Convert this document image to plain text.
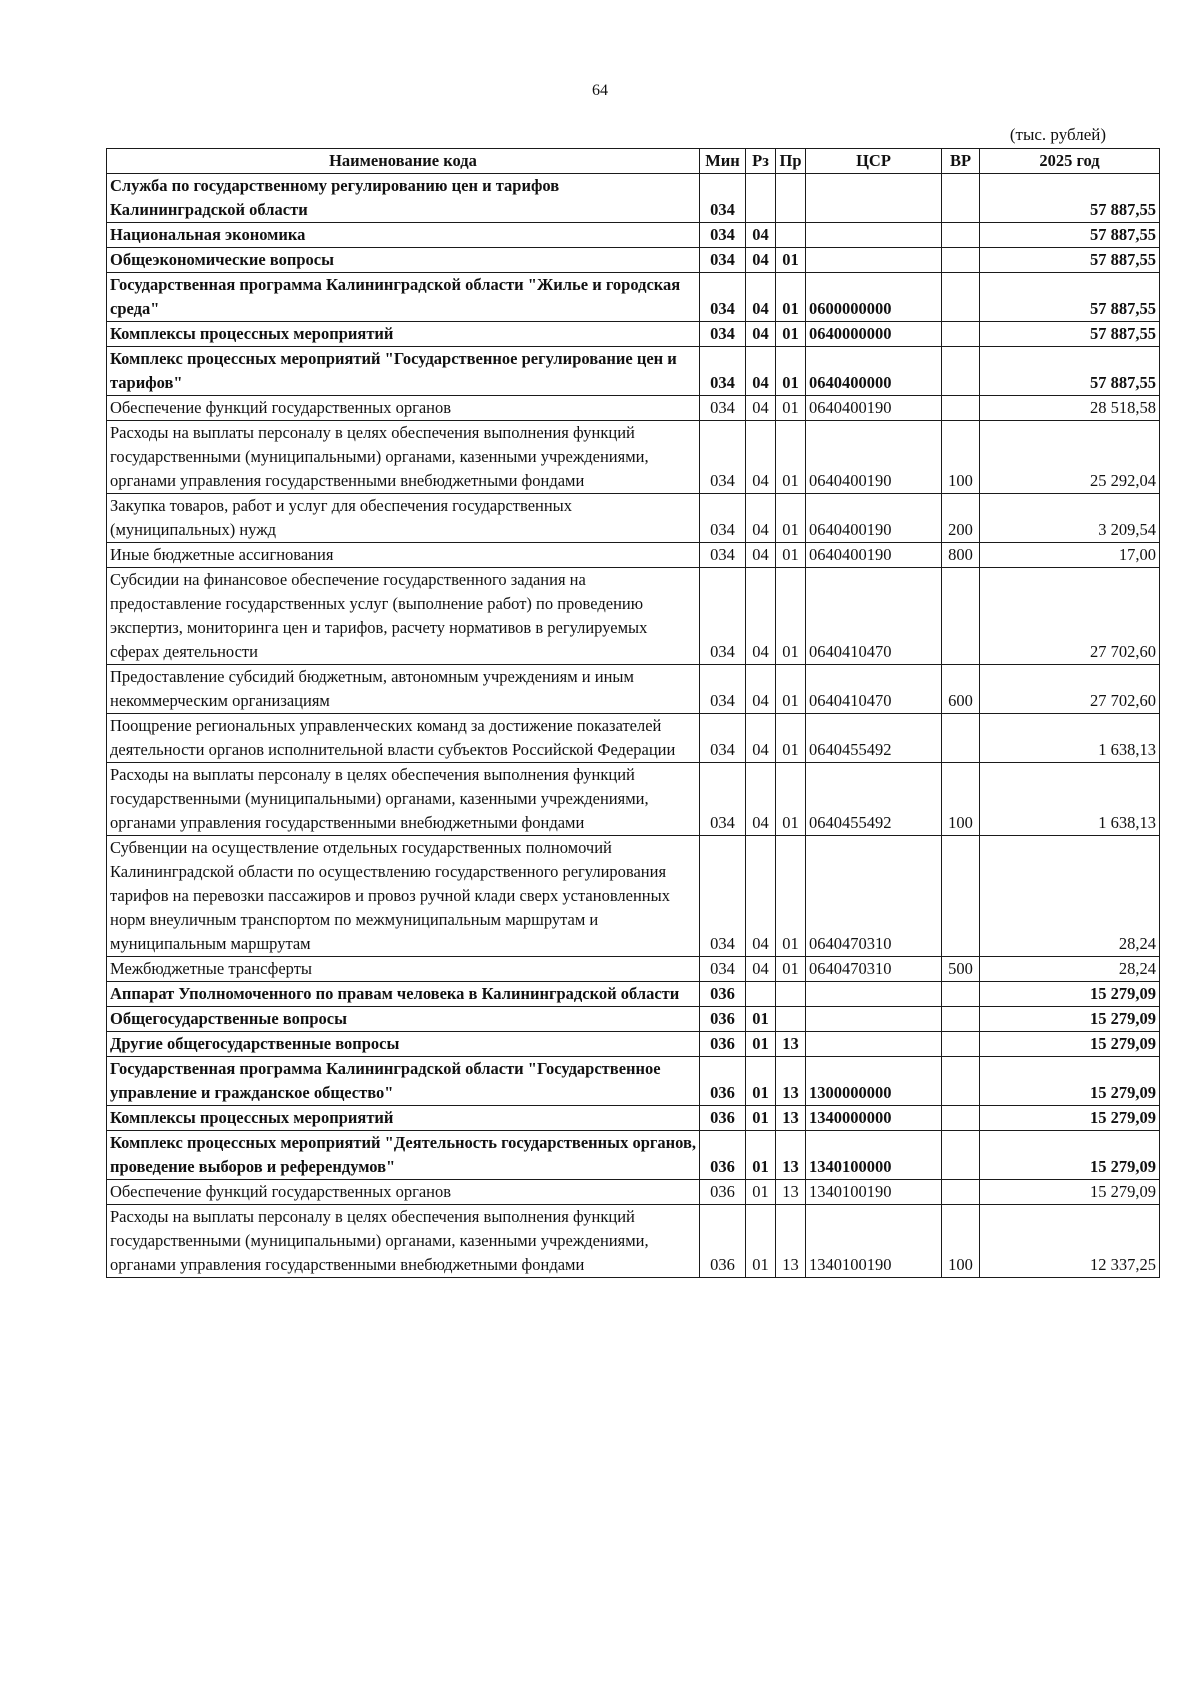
64
(тыс. рублей)
Наименование кода	Мин	Рз	Пр	ЦСР	ВР	2025 год
Служба по государственному регулированию цен и тарифов Калининградской области	034					57 887,55
Национальная экономика	034	04				57 887,55
Общеэкономические вопросы	034	04	01			57 887,55
Государственная программа Калининградской области "Жилье и городская среда"	034	04	01	0600000000		57 887,55
Комплексы процессных мероприятий	034	04	01	0640000000		57 887,55
Комплекс процессных мероприятий "Государственное регулирование цен и тарифов"	034	04	01	0640400000		57 887,55
Обеспечение функций государственных органов	034	04	01	0640400190		28 518,58
Расходы на выплаты персоналу в целях обеспечения выполнения функций государственными (муниципальными) органами, казенными учреждениями, органами управления государственными внебюджетными фондами	034	04	01	0640400190	100	25 292,04
Закупка товаров, работ и услуг для обеспечения государственных (муниципальных) нужд	034	04	01	0640400190	200	3 209,54
Иные бюджетные ассигнования	034	04	01	0640400190	800	17,00
Субсидии на финансовое обеспечение государственного задания на предоставление государственных услуг (выполнение работ) по проведению экспертиз, мониторинга цен и тарифов, расчету нормативов в регулируемых сферах деятельности	034	04	01	0640410470		27 702,60
Предоставление субсидий бюджетным, автономным учреждениям и иным некоммерческим организациям	034	04	01	0640410470	600	27 702,60
Поощрение региональных управленческих команд за достижение показателей деятельности органов исполнительной власти субъектов Российской Федерации	034	04	01	0640455492		1 638,13
Расходы на выплаты персоналу в целях обеспечения выполнения функций государственными (муниципальными) органами, казенными учреждениями, органами управления государственными внебюджетными фондами	034	04	01	0640455492	100	1 638,13
Субвенции на осуществление отдельных государственных полномочий Калининградской области по осуществлению государственного регулирования тарифов на перевозки пассажиров и провоз ручной клади сверх установленных норм внеуличным транспортом по межмуниципальным маршрутам и муниципальным маршрутам	034	04	01	0640470310		28,24
Межбюджетные трансферты	034	04	01	0640470310	500	28,24
Аппарат Уполномоченного по правам человека в Калининградской области	036					15 279,09
Общегосударственные вопросы	036	01				15 279,09
Другие общегосударственные вопросы	036	01	13			15 279,09
Государственная программа Калининградской области "Государственное управление и гражданское общество"	036	01	13	1300000000		15 279,09
Комплексы процессных мероприятий	036	01	13	1340000000		15 279,09
Комплекс процессных мероприятий "Деятельность государственных органов, проведение выборов и референдумов"	036	01	13	1340100000		15 279,09
Обеспечение функций государственных органов	036	01	13	1340100190		15 279,09
Расходы на выплаты персоналу в целях обеспечения выполнения функций государственными (муниципальными) органами, казенными учреждениями, органами управления государственными внебюджетными фондами	036	01	13	1340100190	100	12 337,25
